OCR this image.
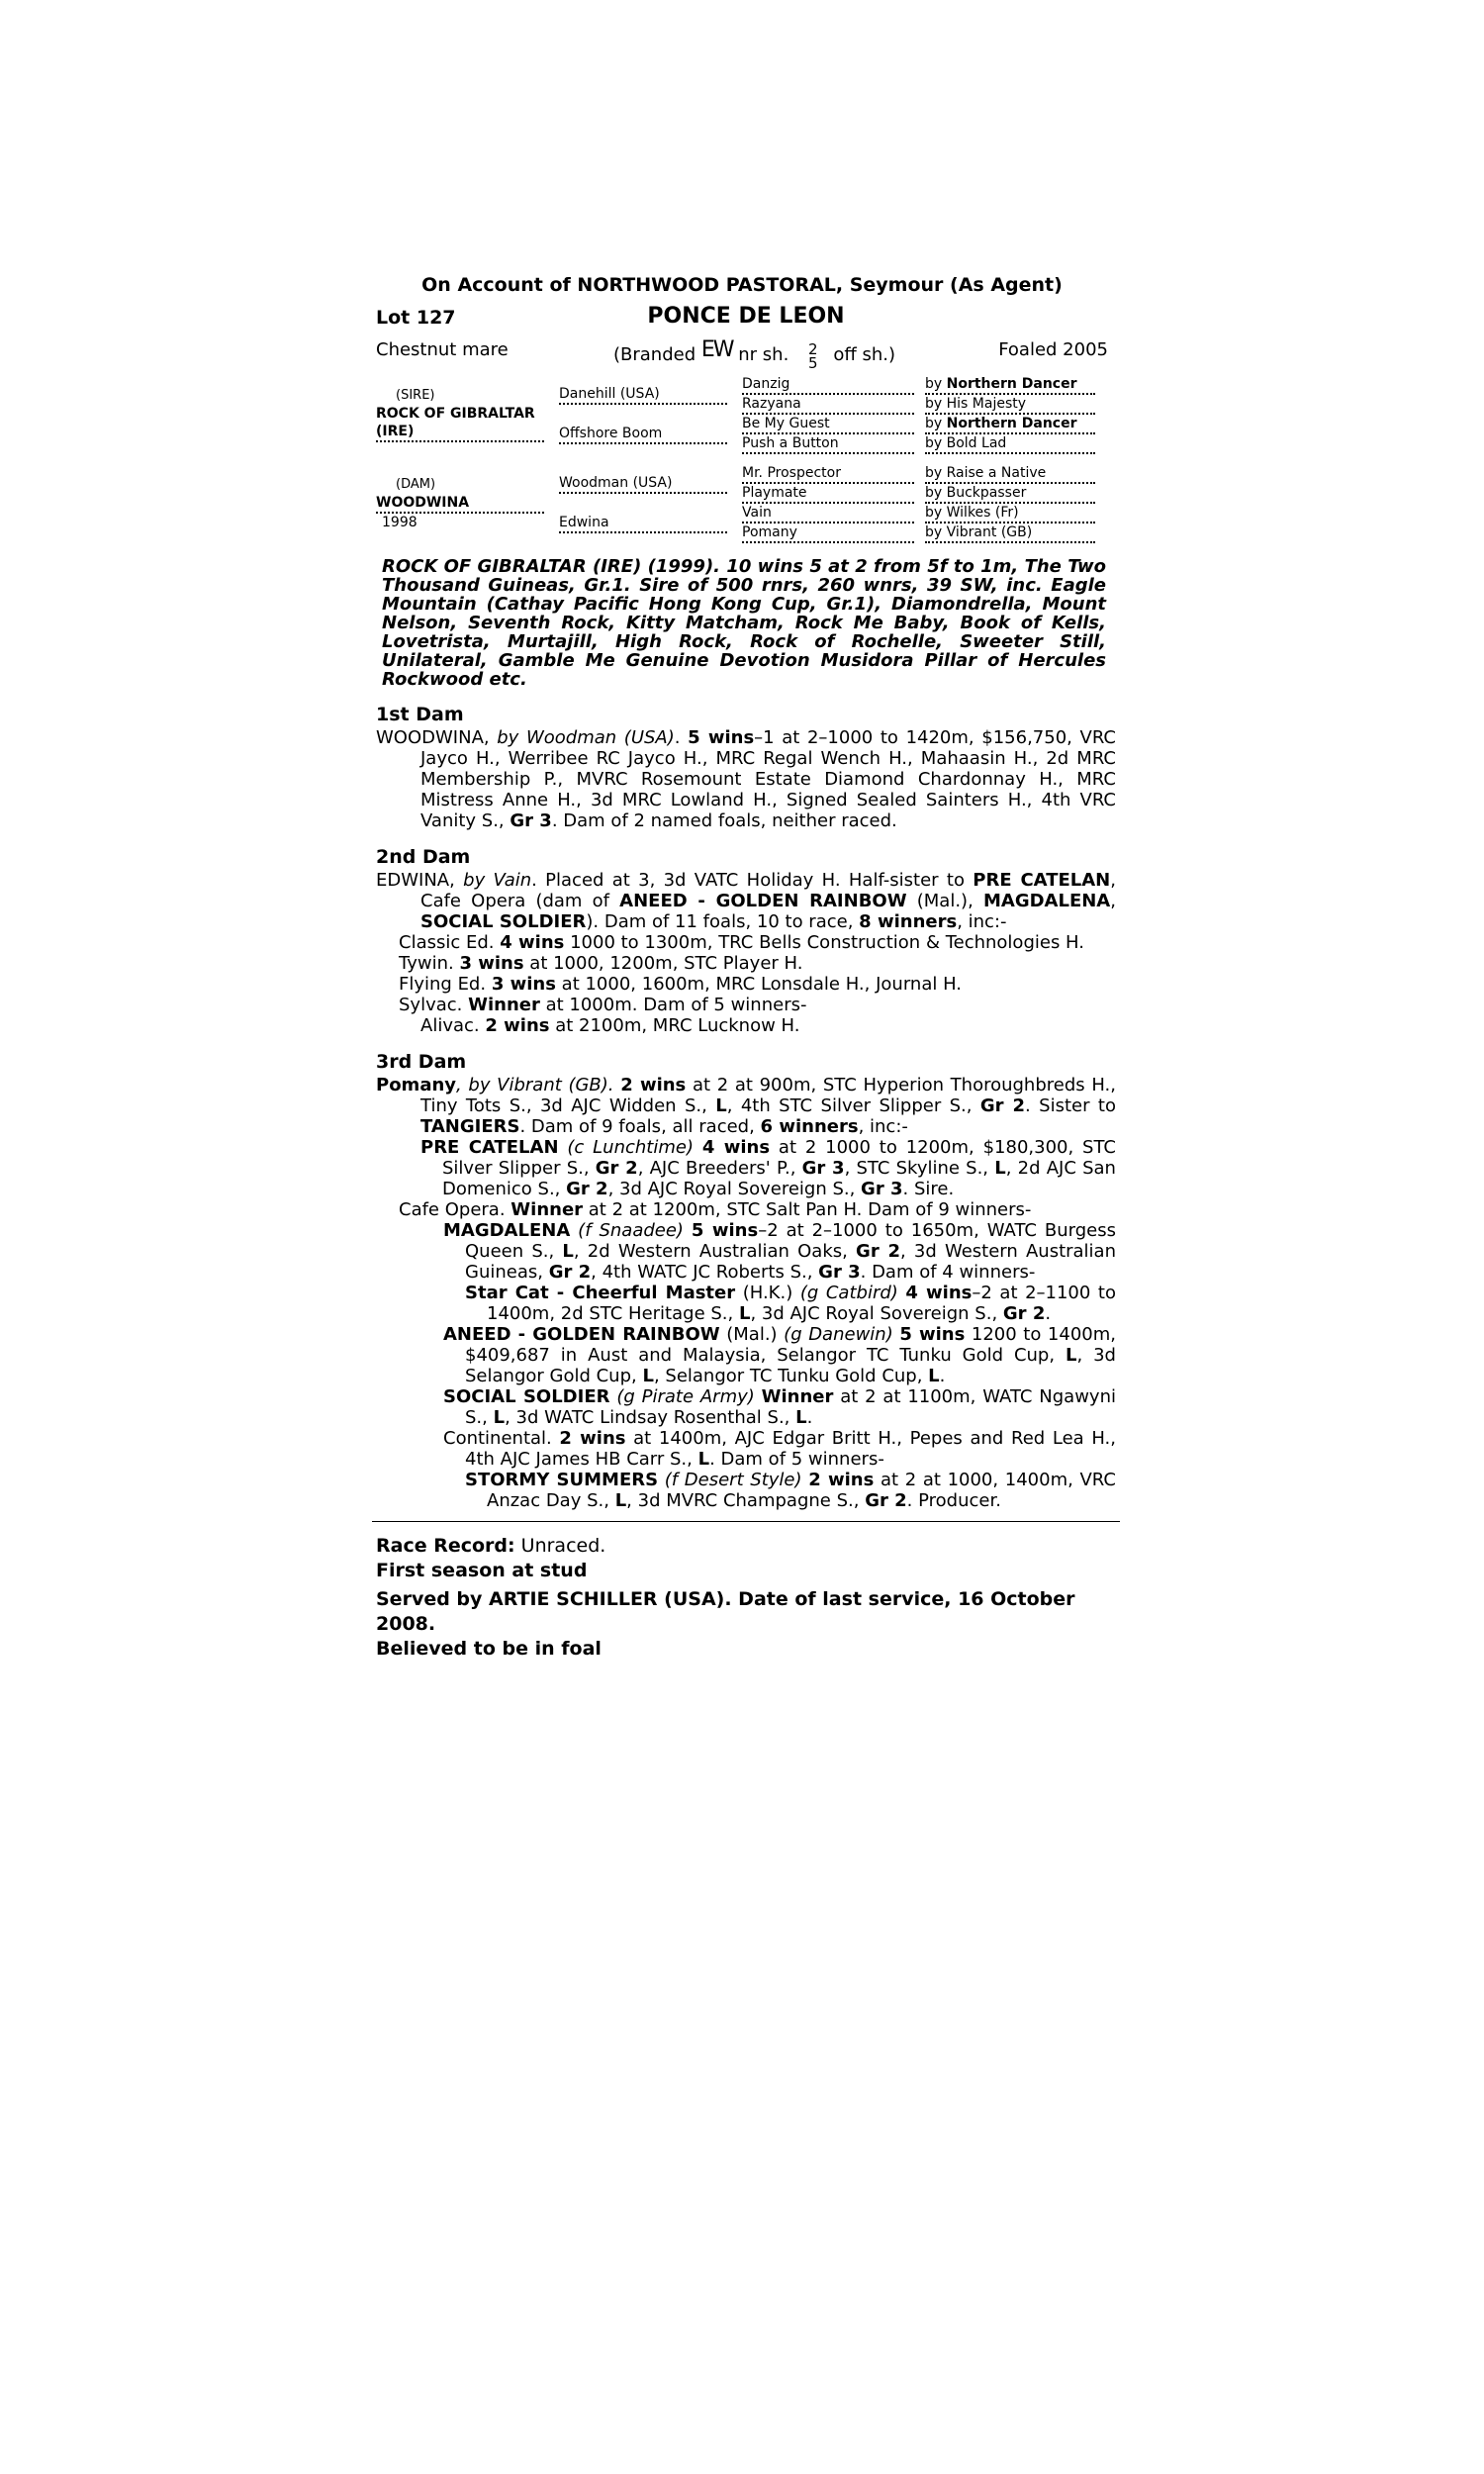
On Account of NORTHWOOD PASTORAL, Seymour (As Agent)
Lot 127	PONCE DE LEON
Chestnut mare	(Branded EW nr sh. 2
5 off sh.)	Foaled 2005
(SIRE)
ROCK OF GIBRALTAR
(IRE)	Danehill (USA)	Danzig	by Northern Dancer
		Razyana	by His Majesty
	Offshore Boom	Be My Guest	by Northern Dancer
		Push a Button	by Bold Lad

(DAM)
WOODWINA
1998	Woodman (USA)	Mr. Prospector	by Raise a Native
		Playmate	by Buckpasser
	Edwina	Vain	by Wilkes (Fr)
		Pomany	by Vibrant (GB)
ROCK OF GIBRALTAR (IRE) (1999). 10 wins 5 at 2 from 5f to 1m, The Two Thousand Guineas, Gr.1. Sire of 500 rnrs, 260 wnrs, 39 SW, inc. Eagle Mountain (Cathay Pacific Hong Kong Cup, Gr.1), Diamondrella, Mount Nelson, Seventh Rock, Kitty Matcham, Rock Me Baby, Book of Kells, Lovetrista, Murtajill, High Rock, Rock of Rochelle, Sweeter Still, Unilateral, Gamble Me Genuine Devotion Musidora Pillar of Hercules Rockwood etc.
1st Dam

WOODWINA, by Woodman (USA). 5 wins–1 at 2–1000 to 1420m, $156,750, VRC Jayco H., Werribee RC Jayco H., MRC Regal Wench H., Mahaasin H., 2d MRC Membership P., MVRC Rosemount Estate Diamond Chardonnay H., MRC Mistress Anne H., 3d MRC Lowland H., Signed Sealed Sainters H., 4th VRC Vanity S., Gr 3. Dam of 2 named foals, neither raced.

2nd Dam

EDWINA, by Vain. Placed at 3, 3d VATC Holiday H. Half-sister to PRE CATELAN, Cafe Opera (dam of ANEED - GOLDEN RAINBOW (Mal.), MAGDALENA, SOCIAL SOLDIER). Dam of 11 foals, 10 to race, 8 winners, inc:-

Classic Ed. 4 wins 1000 to 1300m, TRC Bells Construction & Technologies H.

Tywin. 3 wins at 1000, 1200m, STC Player H.

Flying Ed. 3 wins at 1000, 1600m, MRC Lonsdale H., Journal H.

Sylvac. Winner at 1000m. Dam of 5 winners-

Alivac. 2 wins at 2100m, MRC Lucknow H.

3rd Dam

Pomany, by Vibrant (GB). 2 wins at 2 at 900m, STC Hyperion Thoroughbreds H., Tiny Tots S., 3d AJC Widden S., L, 4th STC Silver Slipper S., Gr 2. Sister to TANGIERS. Dam of 9 foals, all raced, 6 winners, inc:-

PRE CATELAN (c Lunchtime) 4 wins at 2 1000 to 1200m, $180,300, STC Silver Slipper S., Gr 2, AJC Breeders' P., Gr 3, STC Skyline S., L, 2d AJC San Domenico S., Gr 2, 3d AJC Royal Sovereign S., Gr 3. Sire.

Cafe Opera. Winner at 2 at 1200m, STC Salt Pan H. Dam of 9 winners-

MAGDALENA (f Snaadee) 5 wins–2 at 2–1000 to 1650m, WATC Burgess Queen S., L, 2d Western Australian Oaks, Gr 2, 3d Western Australian Guineas, Gr 2, 4th WATC JC Roberts S., Gr 3. Dam of 4 winners-

Star Cat - Cheerful Master (H.K.) (g Catbird) 4 wins–2 at 2–1100 to 1400m, 2d STC Heritage S., L, 3d AJC Royal Sovereign S., Gr 2.

ANEED - GOLDEN RAINBOW (Mal.) (g Danewin) 5 wins 1200 to 1400m, $409,687 in Aust and Malaysia, Selangor TC Tunku Gold Cup, L, 3d Selangor Gold Cup, L, Selangor TC Tunku Gold Cup, L.

SOCIAL SOLDIER (g Pirate Army) Winner at 2 at 1100m, WATC Ngawyni S., L, 3d WATC Lindsay Rosenthal S., L.

Continental. 2 wins at 1400m, AJC Edgar Britt H., Pepes and Red Lea H., 4th AJC James HB Carr S., L. Dam of 5 winners-

STORMY SUMMERS (f Desert Style) 2 wins at 2 at 1000, 1400m, VRC Anzac Day S., L, 3d MVRC Champagne S., Gr 2. Producer.

Race Record: Unraced.
First season at stud
Served by ARTIE SCHILLER (USA). Date of last service, 16 October 2008.
Believed to be in foal
